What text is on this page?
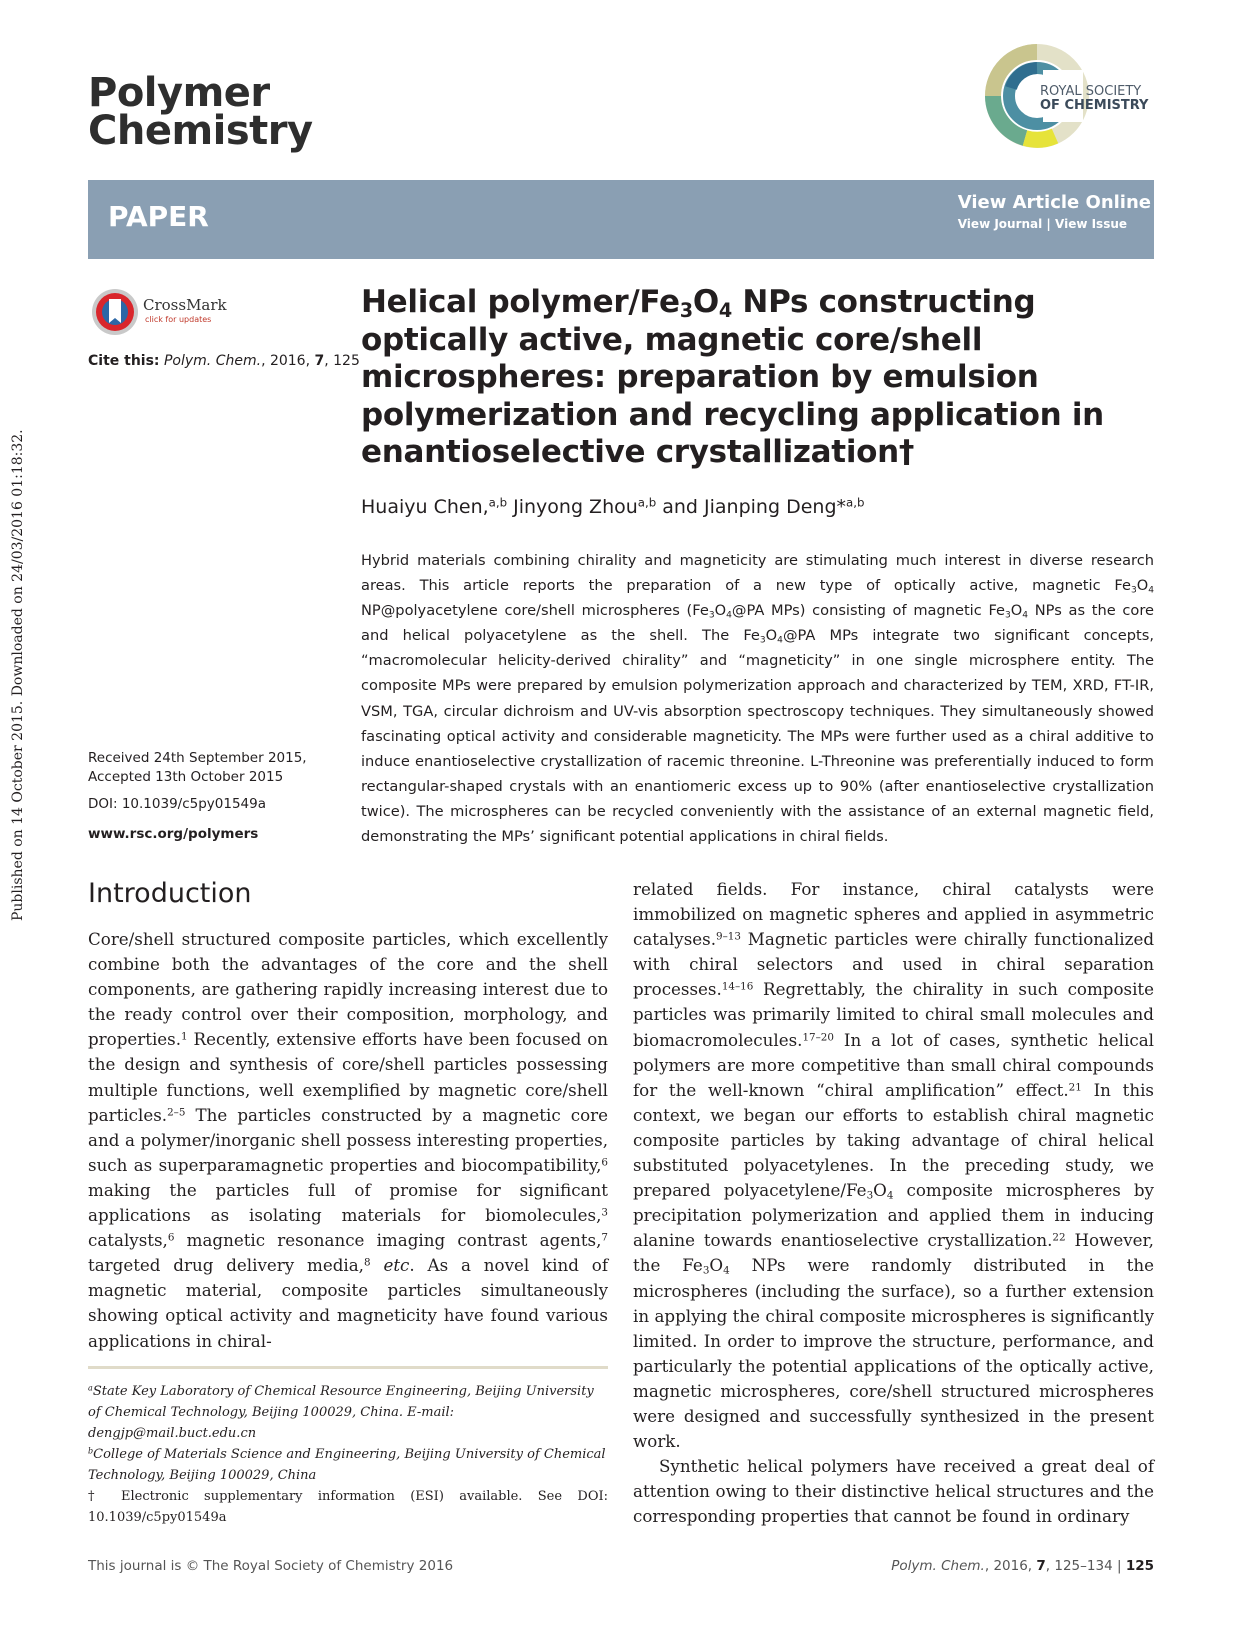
Polymer
Chemistry
ROYAL SOCIETY
OF CHEMISTRY
PAPER	View Article Online
View Journal | View Issue
CrossMark
click for updates
Cite this: Polym. Chem., 2016, 7, 125
Published on 14 October 2015. Downloaded on 24/03/2016 01:18:32.
Helical polymer/$Fe_3O_4$ NPs constructing optically active, magnetic core/shell microspheres: preparation by emulsion polymerization and recycling application in enantioselective crystallization†
Huaiyu Chen,$^{a,b}$ Jinyong Zhou$^{a,b}$ and Jianping Deng*$^{a,b}$
Hybrid materials combining chirality and magneticity are stimulating much interest in diverse research areas. This article reports the preparation of a new type of optically active, magnetic $Fe_3O_4$ NP@polyacetylene core/shell microspheres ($Fe_3O_4@PA$ MPs) consisting of magnetic $Fe_3O_4$ NPs as the core and helical polyacetylene as the shell. The $Fe_3O_4@PA$ MPs integrate two significant concepts, “macromolecular helicity-derived chirality” and “magneticity” in one single microsphere entity. The composite MPs were prepared by emulsion polymerization approach and characterized by TEM, XRD, FT-IR, VSM, TGA, circular dichroism and UV-vis absorption spectroscopy techniques. They simultaneously showed fascinating optical activity and considerable magneticity. The MPs were further used as a chiral additive to induce enantioselective crystallization of racemic threonine. L-Threonine was preferentially induced to form rectangular-shaped crystals with an enantiomeric excess up to 90% (after enantioselective crystallization twice). The microspheres can be recycled conveniently with the assistance of an external magnetic field, demonstrating the MPs’ significant potential applications in chiral fields.
Received 24th September 2015,
Accepted 13th October 2015
DOI: 10.1039/c5py01549a
www.rsc.org/polymers
Introduction

Core/shell structured composite particles, which excellently combine both the advantages of the core and the shell components, are gathering rapidly increasing interest due to the ready control over their composition, morphology, and properties.$^1$ Recently, extensive efforts have been focused on the design and synthesis of core/shell particles possessing multiple functions, well exemplified by magnetic core/shell particles.$^{2-5}$ The particles constructed by a magnetic core and a polymer/inorganic shell possess interesting properties, such as superparamagnetic properties and biocompatibility,$^6$ making the particles full of promise for significant applications as isolating materials for biomolecules,$^3$ catalysts,$^6$ magnetic resonance imaging contrast agents,$^7$ targeted drug delivery media,$^8$ etc. As a novel kind of magnetic material, composite particles simultaneously showing optical activity and magneticity have found various applications in chiral-

related fields. For instance, chiral catalysts were immobilized on magnetic spheres and applied in asymmetric catalyses.$^{9-13}$ Magnetic particles were chirally functionalized with chiral selectors and used in chiral separation processes.$^{14-16}$ Regrettably, the chirality in such composite particles was primarily limited to chiral small molecules and biomacromolecules.$^{17-20}$ In a lot of cases, synthetic helical polymers are more competitive than small chiral compounds for the well-known “chiral amplification” effect.$^{21}$ In this context, we began our efforts to establish chiral magnetic composite particles by taking advantage of chiral helical substituted polyacetylenes. In the preceding study, we prepared polyacetylene/$Fe_3O_4$ composite microspheres by precipitation polymerization and applied them in inducing alanine towards enantioselective crystallization.$^{22}$ However, the $Fe_3O_4$ NPs were randomly distributed in the microspheres (including the surface), so a further extension in applying the chiral composite microspheres is significantly limited. In order to improve the structure, performance, and particularly the potential applications of the optically active, magnetic microspheres, core/shell structured microspheres were designed and successfully synthesized in the present work.

Synthetic helical polymers have received a great deal of attention owing to their distinctive helical structures and the corresponding properties that cannot be found in ordinary

$^a$State Key Laboratory of Chemical Resource Engineering, Beijing University of Chemical Technology, Beijing 100029, China. E-mail: dengjp@mail.buct.edu.cn
$^b$College of Materials Science and Engineering, Beijing University of Chemical Technology, Beijing 100029, China
† Electronic supplementary information (ESI) available. See DOI: 10.1039/c5py01549a
This journal is © The Royal Society of Chemistry 2016	Polym. Chem., 2016, 7, 125–134 | 125
